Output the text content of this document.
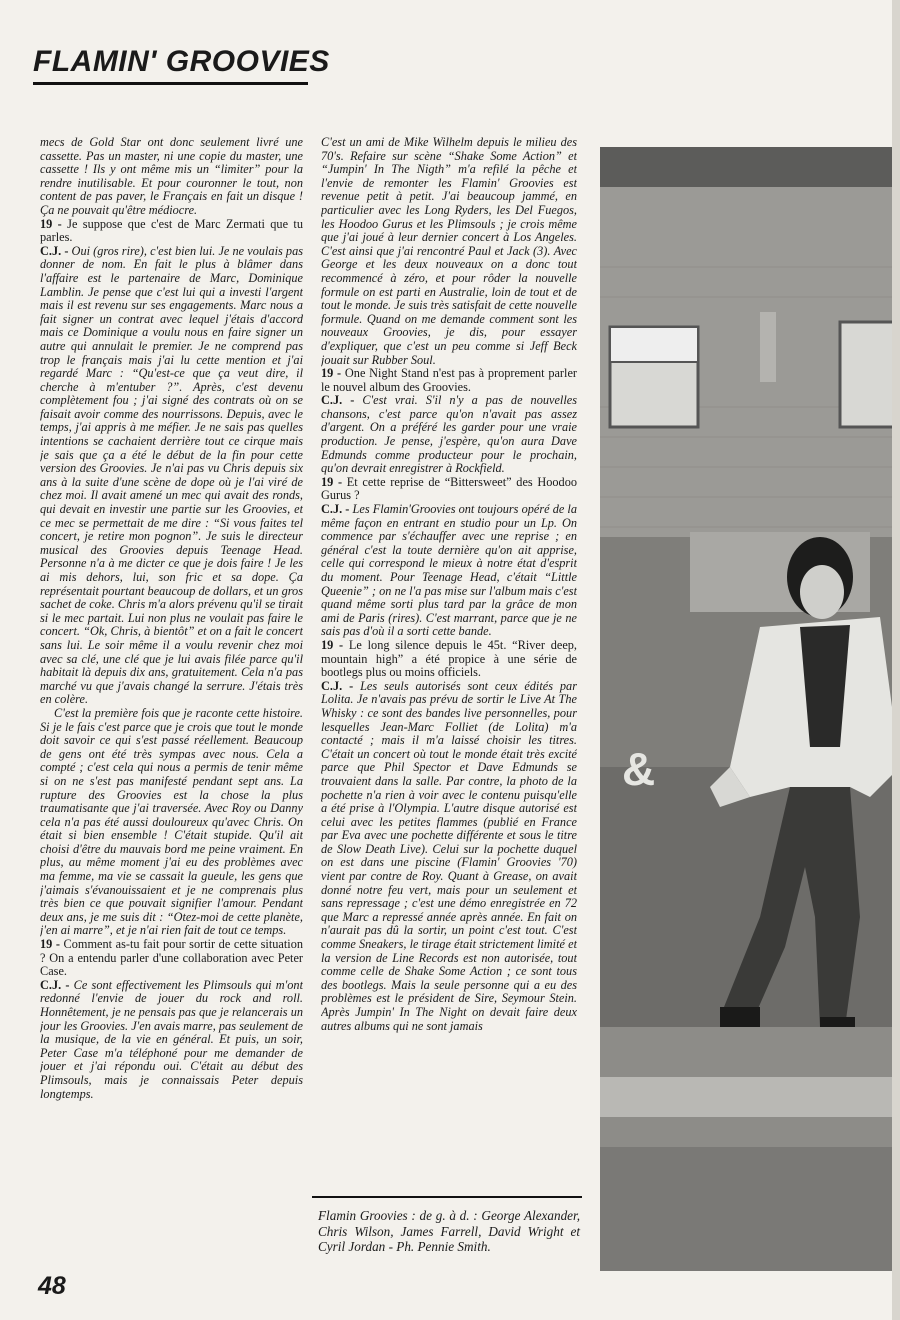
FLAMIN' GROOVIES

mecs de Gold Star ont donc seulement livré une cassette. Pas un master, ni une copie du master, une cassette ! Ils y ont même mis un “limiter” pour la rendre inutilisable. Et pour couronner le tout, non content de pas paver, le Français en fait un disque ! Ça ne pouvait qu'être médiocre.

19 - Je suppose que c'est de Marc Zermati que tu parles.

C.J. - Oui (gros rire), c'est bien lui. Je ne voulais pas donner de nom. En fait le plus à blâmer dans l'affaire est le partenaire de Marc, Dominique Lamblin. Je pense que c'est lui qui a investi l'argent mais il est revenu sur ses engagements. Marc nous a fait signer un contrat avec lequel j'étais d'accord mais ce Dominique a voulu nous en faire signer un autre qui annulait le premier. Je ne comprend pas trop le français mais j'ai lu cette mention et j'ai regardé Marc : “Qu'est-ce que ça veut dire, il cherche à m'entuber ?”. Après, c'est devenu complètement fou ; j'ai signé des contrats où on se faisait avoir comme des nourrissons. Depuis, avec le temps, j'ai appris à me méfier. Je ne sais pas quelles intentions se cachaient derrière tout ce cirque mais je sais que ça a été le début de la fin pour cette version des Groovies. Je n'ai pas vu Chris depuis six ans à la suite d'une scène de dope où je l'ai viré de chez moi. Il avait amené un mec qui avait des ronds, qui devait en investir une partie sur les Groovies, et ce mec se permettait de me dire : “Si vous faites tel concert, je retire mon pognon”. Je suis le directeur musical des Groovies depuis Teenage Head. Personne n'a à me dicter ce que je dois faire ! Je les ai mis dehors, lui, son fric et sa dope. Ça représentait pourtant beaucoup de dollars, et un gros sachet de coke. Chris m'a alors prévenu qu'il se tirait si le mec partait. Lui non plus ne voulait pas faire le concert. “Ok, Chris, à bientôt” et on a fait le concert sans lui. Le soir même il a voulu revenir chez moi avec sa clé, une clé que je lui avais filée parce qu'il habitait là depuis dix ans, gratuitement. Cela n'a pas marché vu que j'avais changé la serrure. J'étais très en colère.

C'est la première fois que je raconte cette histoire. Si je le fais c'est parce que je crois que tout le monde doit savoir ce qui s'est passé réellement. Beaucoup de gens ont été très sympas avec nous. Cela a compté ; c'est cela qui nous a permis de tenir même si on ne s'est pas manifesté pendant sept ans. La rupture des Groovies est la chose la plus traumatisante que j'ai traversée. Avec Roy ou Danny cela n'a pas été aussi douloureux qu'avec Chris. On était si bien ensemble ! C'était stupide. Qu'il ait choisi d'être du mauvais bord me peine vraiment. En plus, au même moment j'ai eu des problèmes avec ma femme, ma vie se cassait la gueule, les gens que j'aimais s'évanouissaient et je ne comprenais plus très bien ce que pouvait signifier l'amour. Pendant deux ans, je me suis dit : “Otez-moi de cette planète, j'en ai marre”, et je n'ai rien fait de tout ce temps.

19 - Comment as-tu fait pour sortir de cette situation ? On a entendu parler d'une collaboration avec Peter Case.

C.J. - Ce sont effectivement les Plimsouls qui m'ont redonné l'envie de jouer du rock and roll. Honnêtement, je ne pensais pas que je relancerais un jour les Groovies. J'en avais marre, pas seulement de la musique, de la vie en général. Et puis, un soir, Peter Case m'a téléphoné pour me demander de jouer et j'ai répondu oui. C'était au début des Plimsouls, mais je connaissais Peter depuis longtemps.

C'est un ami de Mike Wilhelm depuis le milieu des 70's. Refaire sur scène “Shake Some Action” et “Jumpin' In The Nigth” m'a refilé la pêche et l'envie de remonter les Flamin' Groovies est revenue petit à petit. J'ai beaucoup jammé, en particulier avec les Long Ryders, les Del Fuegos, les Hoodoo Gurus et les Plimsouls ; je crois même que j'ai joué à leur dernier concert à Los Angeles. C'est ainsi que j'ai rencontré Paul et Jack (3). Avec George et les deux nouveaux on a donc tout recommencé à zéro, et pour rôder la nouvelle formule on est parti en Australie, loin de tout et de tout le monde. Je suis très satisfait de cette nouvelle formule. Quand on me demande comment sont les nouveaux Groovies, je dis, pour essayer d'expliquer, que c'est un peu comme si Jeff Beck jouait sur Rubber Soul.

19 - One Night Stand n'est pas à proprement parler le nouvel album des Groovies.

C.J. - C'est vrai. S'il n'y a pas de nouvelles chansons, c'est parce qu'on n'avait pas assez d'argent. On a préféré les garder pour une vraie production. Je pense, j'espère, qu'on aura Dave Edmunds comme producteur pour le prochain, qu'on devrait enregistrer à Rockfield.

19 - Et cette reprise de “Bittersweet” des Hoodoo Gurus ?

C.J. - Les Flamin'Groovies ont toujours opéré de la même façon en entrant en studio pour un Lp. On commence par s'échauffer avec une reprise ; en général c'est la toute dernière qu'on ait apprise, celle qui correspond le mieux à notre état d'esprit du moment. Pour Teenage Head, c'était “Little Queenie” ; on ne l'a pas mise sur l'album mais c'est quand même sorti plus tard par la grâce de mon ami de Paris (rires). C'est marrant, parce que je ne sais pas d'où il a sorti cette bande.

19 - Le long silence depuis le 45t. “River deep, mountain high” a été propice à une série de bootlegs plus ou moins officiels.

C.J. - Les seuls autorisés sont ceux édités par Lolita. Je n'avais pas prévu de sortir le Live At The Whisky : ce sont des bandes live personnelles, pour lesquelles Jean-Marc Folliet (de Lolita) m'a contacté ; mais il m'a laissé choisir les titres. C'était un concert où tout le monde était très excité parce que Phil Spector et Dave Edmunds se trouvaient dans la salle. Par contre, la photo de la pochette n'a rien à voir avec le contenu puisqu'elle a été prise à l'Olympia. L'autre disque autorisé est celui avec les petites flammes (publié en France par Eva avec une pochette différente et sous le titre de Slow Death Live). Celui sur la pochette duquel on est dans une piscine (Flamin' Groovies '70) vient par contre de Roy. Quant à Grease, on avait donné notre feu vert, mais pour un seulement et sans repressage ; c'est une démo enregistrée en 72 que Marc a repressé année après année. En fait on n'aurait pas dû la sortir, un point c'est tout. C'est comme Sneakers, le tirage était strictement limité et la version de Line Records est non autorisée, tout comme celle de Shake Some Action ; ce sont tous des bootlegs. Mais la seule personne qui a eu des problèmes est le président de Sire, Seymour Stein. Après Jumpin' In The Night on devait faire deux autres albums qui ne sont jamais

Flamin Groovies : de g. à d. : George Alexander, Chris Wilson, James Farrell, David Wright et Cyril Jordan - Ph. Pennie Smith.
&
48
